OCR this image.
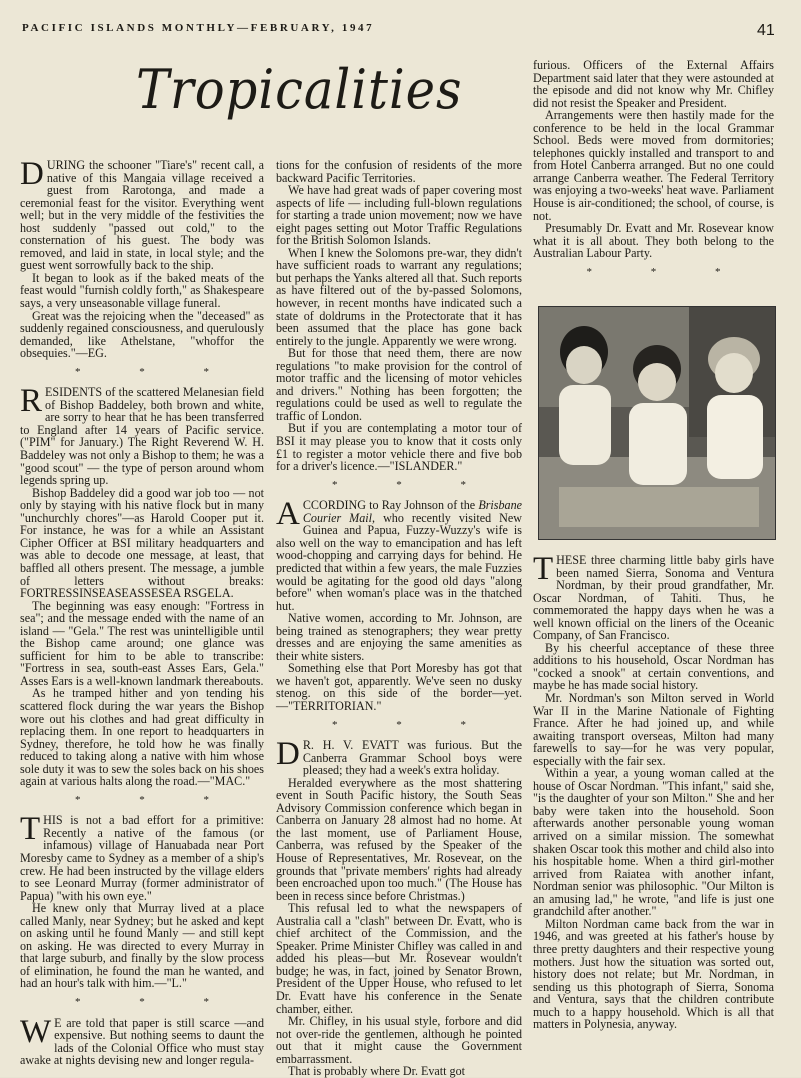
PACIFIC ISLANDS MONTHLY—FEBRUARY, 1947	41
Tropicalities

DURING the schooner "Tiare's" recent call, a native of this Mangaia village received a guest from Rarotonga, and made a ceremonial feast for the visitor. Everything went well; but in the very middle of the festivities the host suddenly "passed out cold," to the consternation of his guest. The body was removed, and laid in state, in local style; and the guest went sorrowfully back to the ship.

It began to look as if the baked meats of the feast would "furnish coldly forth," as Shakespeare says, a very unseasonable village funeral.

Great was the rejoicing when the "deceased" as suddenly regained consciousness, and querulously demanded, like Athelstane, "whoffor the obsequies."—EG.

* * *

RESIDENTS of the scattered Melanesian field of Bishop Baddeley, both brown and white, are sorry to hear that he has been transferred to England after 14 years of Pacific service. ("PIM" for January.) The Right Reverend W. H. Baddeley was not only a Bishop to them; he was a "good scout" — the type of person around whom legends spring up.

Bishop Baddeley did a good war job too — not only by staying with his native flock but in many "unchurchly chores"—as Harold Cooper put it. For instance, he was for a while an Assistant Cipher Officer at BSI military headquarters and was able to decode one message, at least, that baffled all others present. The message, a jumble of letters without breaks: FORTRESSINSEASEASSESEA RSGELA.

The beginning was easy enough: "Fortress in sea"; and the message ended with the name of an island — "Gela." The rest was unintelligible until the Bishop came around; one glance was sufficient for him to be able to transcribe: "Fortress in sea, south-east Asses Ears, Gela." Asses Ears is a well-known landmark thereabouts.

As he tramped hither and yon tending his scattered flock during the war years the Bishop wore out his clothes and had great difficulty in replacing them. In one report to headquarters in Sydney, therefore, he told how he was finally reduced to taking along a native with him whose sole duty it was to sew the soles back on his shoes again at various halts along the road.—"MAC."

* * *

THIS is not a bad effort for a primitive: Recently a native of the famous (or infamous) village of Hanuabada near Port Moresby came to Sydney as a member of a ship's crew. He had been instructed by the village elders to see Leonard Murray (former administrator of Papua) "with his own eye."

He knew only that Murray lived at a place called Manly, near Sydney; but he asked and kept on asking until he found Manly — and still kept on asking. He was directed to every Murray in that large suburb, and finally by the slow process of elimination, he found the man he wanted, and had an hour's talk with him.—"L."

* * *

W E are told that paper is still scarce —and expensive. But nothing seems to daunt the lads of the Colonial Office who must stay awake at nights devising new and longer regula-

tions for the confusion of residents of the more backward Pacific Territories.

We have had great wads of paper covering most aspects of life — including full-blown regulations for starting a trade union movement; now we have eight pages setting out Motor Traffic Regulations for the British Solomon Islands.

When I knew the Solomons pre-war, they didn't have sufficient roads to warrant any regulations; but perhaps the Yanks altered all that. Such reports as have filtered out of the by-passed Solomons, however, in recent months have indicated such a state of doldrums in the Protectorate that it has been assumed that the place has gone back entirely to the jungle. Apparently we were wrong.

But for those that need them, there are now regulations "to make provision for the control of motor traffic and the licensing of motor vehicles and drivers." Nothing has been forgotten; the regulations could be used as well to regulate the traffic of London.

But if you are contemplating a motor tour of BSI it may please you to know that it costs only £1 to register a motor vehicle there and five bob for a driver's licence.—"ISLANDER."

* * *

ACCORDING to Ray Johnson of the Brisbane Courier Mail, who recently visited New Guinea and Papua, Fuzzy-Wuzzy's wife is also well on the way to emancipation and has left wood-chopping and carrying days for behind. He predicted that within a few years, the male Fuzzies would be agitating for the good old days "along before" when woman's place was in the thatched hut.

Native women, according to Mr. Johnson, are being trained as stenographers; they wear pretty dresses and are enjoying the same amenities as their white sisters.

Something else that Port Moresby has got that we haven't got, apparently. We've seen no dusky stenog. on this side of the border—yet.—"TERRITORIAN."

* * *

D R. H. V. EVATT was furious. But the Canberra Grammar School boys were pleased; they had a week's extra holiday.

Heralded everywhere as the most shattering event in South Pacific history, the South Seas Advisory Commission conference which began in Canberra on January 28 almost had no home. At the last moment, use of Parliament House, Canberra, was refused by the Speaker of the House of Representatives, Mr. Rosevear, on the grounds that "private members' rights had already been encroached upon too much." (The House has been in recess since before Christmas.)

This refusal led to what the newspapers of Australia call a "clash" between Dr. Evatt, who is chief architect of the Commission, and the Speaker. Prime Minister Chifley was called in and added his pleas—but Mr. Rosevear wouldn't budge; he was, in fact, joined by Senator Brown, President of the Upper House, who refused to let Dr. Evatt have his conference in the Senate chamber, either.

Mr. Chifley, in his usual style, forbore and did not over-ride the gentlemen, although he pointed out that it might cause the Government embarrassment.

That is probably where Dr. Evatt got

furious. Officers of the External Affairs Department said later that they were astounded at the episode and did not know why Mr. Chifley did not resist the Speaker and President.

Arrangements were then hastily made for the conference to be held in the local Grammar School. Beds were moved from dormitories; telephones quickly installed and transport to and from Hotel Canberra arranged. But no one could arrange Canberra weather. The Federal Territory was enjoying a two-weeks' heat wave. Parliament House is air-conditioned; the school, of course, is not.

Presumably Dr. Evatt and Mr. Rosevear know what it is all about. They both belong to the Australian Labour Party.

* * *

THESE three charming little baby girls have been named Sierra, Sonoma and Ventura Nordman, by their proud grandfather, Mr. Oscar Nordman, of Tahiti. Thus, he commemorated the happy days when he was a well known official on the liners of the Oceanic Company, of San Francisco.

By his cheerful acceptance of these three additions to his household, Oscar Nordman has "cocked a snook" at certain conventions, and maybe he has made social history.

Mr. Nordman's son Milton served in World War II in the Marine Nationale of Fighting France. After he had joined up, and while awaiting transport overseas, Milton had many farewells to say—for he was very popular, especially with the fair sex.

Within a year, a young woman called at the house of Oscar Nordman. "This infant," said she, "is the daughter of your son Milton." She and her baby were taken into the household. Soon afterwards another personable young woman arrived on a similar mission. The somewhat shaken Oscar took this mother and child also into his hospitable home. When a third girl-mother arrived from Raiatea with another infant, Nordman senior was philosophic. "Our Milton is an amusing lad," he wrote, "and life is just one grandchild after another."

Milton Nordman came back from the war in 1946, and was greeted at his father's house by three pretty daughters and their respective young mothers. Just how the situation was sorted out, history does not relate; but Mr. Nordman, in sending us this photograph of Sierra, Sonoma and Ventura, says that the children contribute much to a happy household. Which is all that matters in Polynesia, anyway.
